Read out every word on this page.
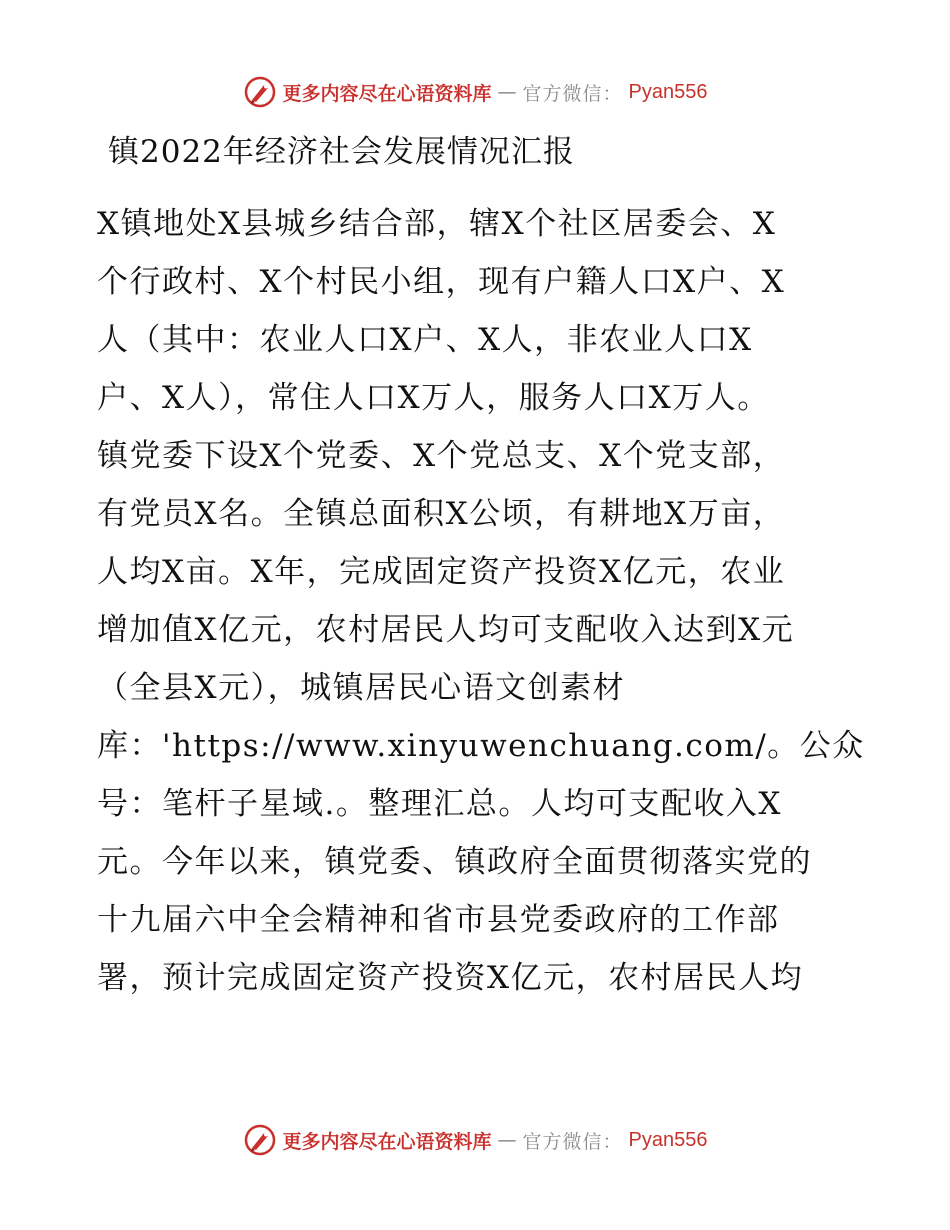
更多内容尽在心语资料库 — 官方微信： Pyan556
镇2022年经济社会发展情况汇报
X镇地处X县城乡结合部，辖X个社区居委会、X
个行政村、X个村民小组，现有户籍人口X户、X
人（其中：农业人口X户、X人，非农业人口X
户、X人），常住人口X万人，服务人口X万人。
镇党委下设X个党委、X个党总支、X个党支部，
有党员X名。全镇总面积X公顷，有耕地X万亩，
人均X亩。X年，完成固定资产投资X亿元，农业
增加值X亿元，农村居民人均可支配收入达到X元
（全县X元），城镇居民心语文创素材
库：'https://www.xinyuwenchuang.com/。公众
号：笔杆子星域.。整理汇总。人均可支配收入X
元。今年以来，镇党委、镇政府全面贯彻落实党的
十九届六中全会精神和省市县党委政府的工作部
署，预计完成固定资产投资X亿元，农村居民人均
更多内容尽在心语资料库 — 官方微信： Pyan556
